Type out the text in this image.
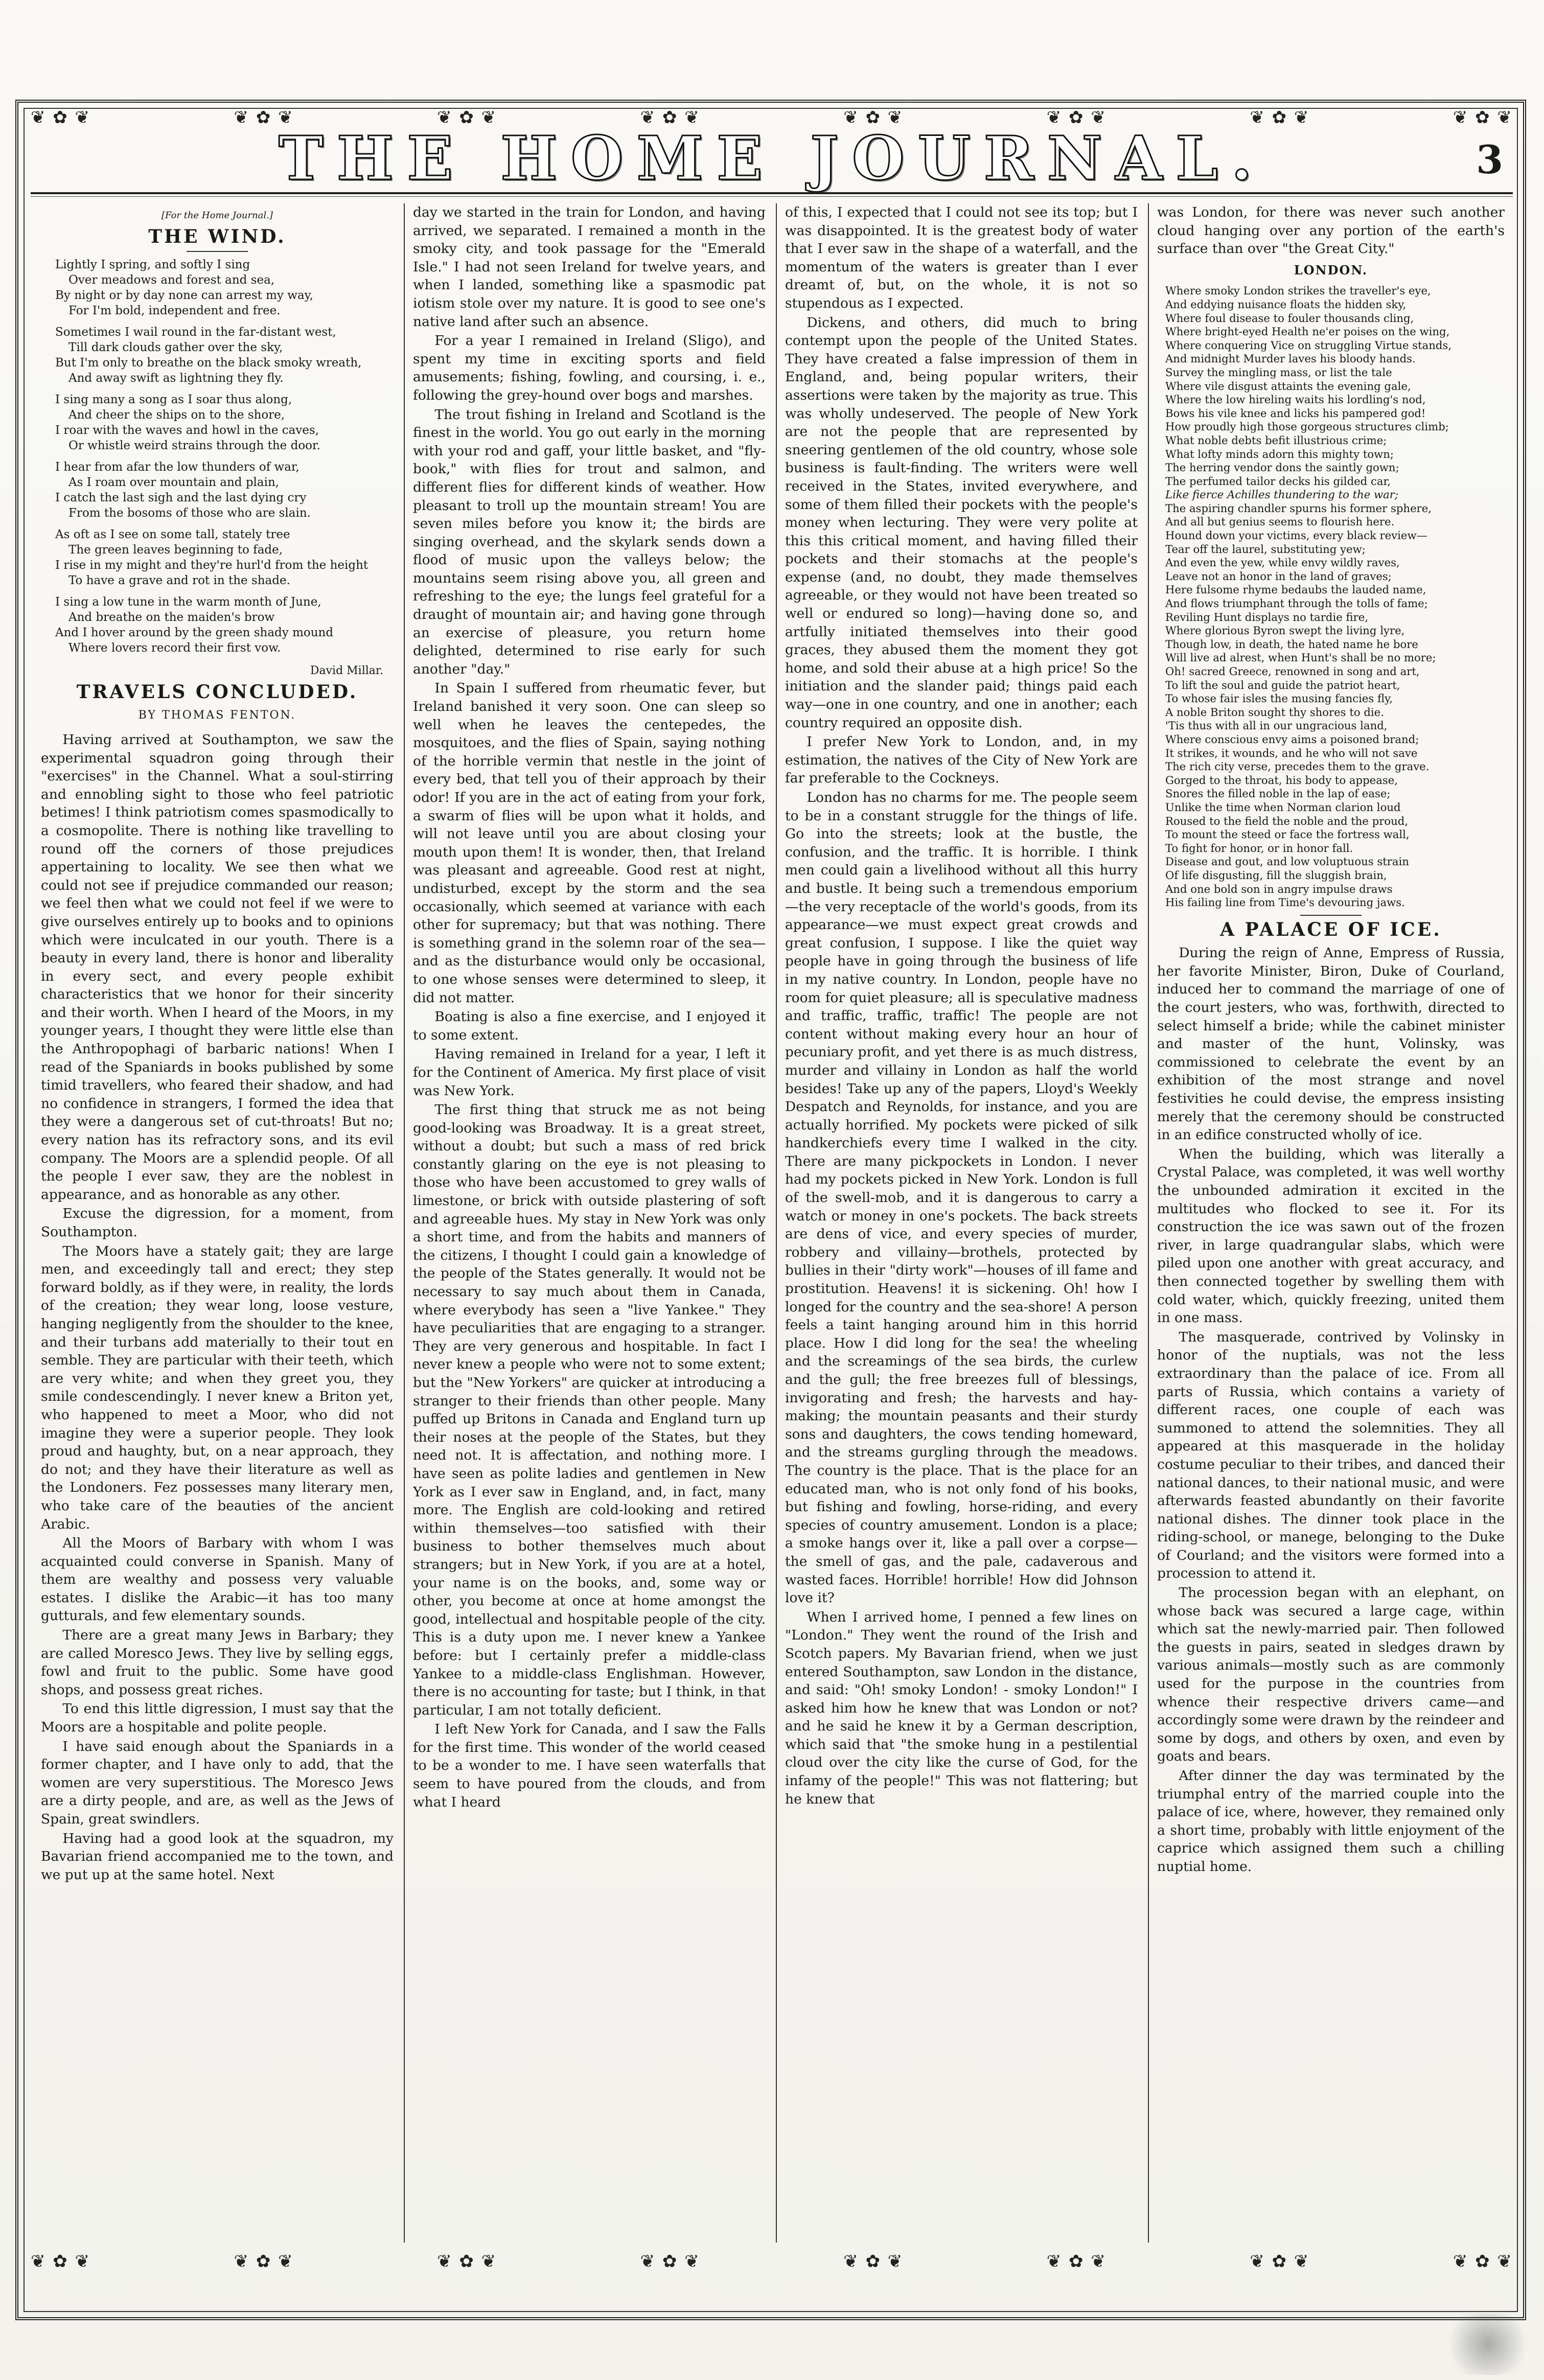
❦ ✿ ❦	❦ ✿ ❦	❦ ✿ ❦	❦ ✿ ❦	❦ ✿ ❦	❦ ✿ ❦	❦ ✿ ❦	❦ ✿ ❦
THE HOME JOURNAL.	3
[For the Home Journal.]
THE WIND.
Lightly I spring, and softly I sing
Over meadows and forest and sea,
By night or by day none can arrest my way,
For I'm bold, independent and free.
Sometimes I wail round in the far-distant west,
Till dark clouds gather over the sky,
But I'm only to breathe on the black smoky wreath,
And away swift as lightning they fly.
I sing many a song as I soar thus along,
And cheer the ships on to the shore,
I roar with the waves and howl in the caves,
Or whistle weird strains through the door.
I hear from afar the low thunders of war,
As I roam over mountain and plain,
I catch the last sigh and the last dying cry
From the bosoms of those who are slain.
As oft as I see on some tall, stately tree
The green leaves beginning to fade,
I rise in my might and they're hurl'd from the height
To have a grave and rot in the shade.
I sing a low tune in the warm month of June,
And breathe on the maiden's brow
And I hover around by the green shady mound
Where lovers record their first vow.
David Millar.
TRAVELS CONCLUDED.
BY THOMAS FENTON.

Having arrived at Southampton, we saw the experimental squadron going through their "exercises" in the Channel. What a soul-stirring and ennobling sight to those who feel patriotic betimes! I think patriotism comes spasmodically to a cosmopolite. There is nothing like travelling to round off the corners of those prejudices appertaining to locality. We see then what we could not see if prejudice commanded our reason; we feel then what we could not feel if we were to give ourselves entirely up to books and to opinions which were inculcated in our youth. There is a beauty in every land, there is honor and liberality in every sect, and every people exhibit characteristics that we honor for their sincerity and their worth. When I heard of the Moors, in my younger years, I thought they were little else than the Anthropophagi of barbaric nations! When I read of the Spaniards in books published by some timid travellers, who feared their shadow, and had no confidence in strangers, I formed the idea that they were a dangerous set of cut-throats! But no; every nation has its refractory sons, and its evil company. The Moors are a splendid people. Of all the people I ever saw, they are the noblest in appearance, and as honorable as any other.

Excuse the digression, for a moment, from Southampton.

The Moors have a stately gait; they are large men, and exceedingly tall and erect; they step forward boldly, as if they were, in reality, the lords of the creation; they wear long, loose vesture, hanging negligently from the shoulder to the knee, and their turbans add materially to their tout en semble. They are particular with their teeth, which are very white; and when they greet you, they smile condescendingly. I never knew a Briton yet, who happened to meet a Moor, who did not imagine they were a superior people. They look proud and haughty, but, on a near approach, they do not; and they have their literature as well as the Londoners. Fez possesses many literary men, who take care of the beauties of the ancient Arabic.

All the Moors of Barbary with whom I was acquainted could converse in Spanish. Many of them are wealthy and possess very valuable estates. I dislike the Arabic—it has too many gutturals, and few elementary sounds.

There are a great many Jews in Barbary; they are called Moresco Jews. They live by selling eggs, fowl and fruit to the public. Some have good shops, and possess great riches.

To end this little digression, I must say that the Moors are a hospitable and polite people.

I have said enough about the Spaniards in a former chapter, and I have only to add, that the women are very superstitious. The Moresco Jews are a dirty people, and are, as well as the Jews of Spain, great swindlers.

Having had a good look at the squadron, my Bavarian friend accompanied me to the town, and we put up at the same hotel. Next

day we started in the train for London, and having arrived, we separated. I remained a month in the smoky city, and took passage for the "Emerald Isle." I had not seen Ireland for twelve years, and when I landed, something like a spasmodic pat iotism stole over my nature. It is good to see one's native land after such an absence.

For a year I remained in Ireland (Sligo), and spent my time in exciting sports and field amusements; fishing, fowling, and coursing, i. e., following the grey-hound over bogs and marshes.

The trout fishing in Ireland and Scotland is the finest in the world. You go out early in the morning with your rod and gaff, your little basket, and "fly-book," with flies for trout and salmon, and different flies for different kinds of weather. How pleasant to troll up the mountain stream! You are seven miles before you know it; the birds are singing overhead, and the skylark sends down a flood of music upon the valleys below; the mountains seem rising above you, all green and refreshing to the eye; the lungs feel grateful for a draught of mountain air; and having gone through an exercise of pleasure, you return home delighted, determined to rise early for such another "day."

In Spain I suffered from rheumatic fever, but Ireland banished it very soon. One can sleep so well when he leaves the centepedes, the mosquitoes, and the flies of Spain, saying nothing of the horrible vermin that nestle in the joint of every bed, that tell you of their approach by their odor! If you are in the act of eating from your fork, a swarm of flies will be upon what it holds, and will not leave until you are about closing your mouth upon them! It is wonder, then, that Ireland was pleasant and agreeable. Good rest at night, undisturbed, except by the storm and the sea occasionally, which seemed at variance with each other for supremacy; but that was nothing. There is something grand in the solemn roar of the sea—and as the disturbance would only be occasional, to one whose senses were determined to sleep, it did not matter.

Boating is also a fine exercise, and I enjoyed it to some extent.

Having remained in Ireland for a year, I left it for the Continent of America. My first place of visit was New York.

The first thing that struck me as not being good-looking was Broadway. It is a great street, without a doubt; but such a mass of red brick constantly glaring on the eye is not pleasing to those who have been accustomed to grey walls of limestone, or brick with outside plastering of soft and agreeable hues. My stay in New York was only a short time, and from the habits and manners of the citizens, I thought I could gain a knowledge of the people of the States generally. It would not be necessary to say much about them in Canada, where everybody has seen a "live Yankee." They have peculiarities that are engaging to a stranger. They are very generous and hospitable. In fact I never knew a people who were not to some extent; but the "New Yorkers" are quicker at introducing a stranger to their friends than other people. Many puffed up Britons in Canada and England turn up their noses at the people of the States, but they need not. It is affectation, and nothing more. I have seen as polite ladies and gentlemen in New York as I ever saw in England, and, in fact, many more. The English are cold-looking and retired within themselves—too satisfied with their business to bother themselves much about strangers; but in New York, if you are at a hotel, your name is on the books, and, some way or other, you become at once at home amongst the good, intellectual and hospitable people of the city. This is a duty upon me. I never knew a Yankee before: but I certainly prefer a middle-class Yankee to a middle-class Englishman. However, there is no accounting for taste; but I think, in that particular, I am not totally deficient.

I left New York for Canada, and I saw the Falls for the first time. This wonder of the world ceased to be a wonder to me. I have seen waterfalls that seem to have poured from the clouds, and from what I heard

of this, I expected that I could not see its top; but I was disappointed. It is the greatest body of water that I ever saw in the shape of a waterfall, and the momentum of the waters is greater than I ever dreamt of, but, on the whole, it is not so stupendous as I expected.

Dickens, and others, did much to bring contempt upon the people of the United States. They have created a false impression of them in England, and, being popular writers, their assertions were taken by the majority as true. This was wholly undeserved. The people of New York are not the people that are represented by sneering gentlemen of the old country, whose sole business is fault-finding. The writers were well received in the States, invited everywhere, and some of them filled their pockets with the people's money when lecturing. They were very polite at this this critical moment, and having filled their pockets and their stomachs at the people's expense (and, no doubt, they made themselves agreeable, or they would not have been treated so well or endured so long)—having done so, and artfully initiated themselves into their good graces, they abused them the moment they got home, and sold their abuse at a high price! So the initiation and the slander paid; things paid each way—one in one country, and one in another; each country required an opposite dish.

I prefer New York to London, and, in my estimation, the natives of the City of New York are far preferable to the Cockneys.

London has no charms for me. The people seem to be in a constant struggle for the things of life. Go into the streets; look at the bustle, the confusion, and the traffic. It is horrible. I think men could gain a livelihood without all this hurry and bustle. It being such a tremendous emporium—the very receptacle of the world's goods, from its appearance—we must expect great crowds and great confusion, I suppose. I like the quiet way people have in going through the business of life in my native country. In London, people have no room for quiet pleasure; all is speculative madness and traffic, traffic, traffic! The people are not content without making every hour an hour of pecuniary profit, and yet there is as much distress, murder and villainy in London as half the world besides! Take up any of the papers, Lloyd's Weekly Despatch and Reynolds, for instance, and you are actually horrified. My pockets were picked of silk handkerchiefs every time I walked in the city. There are many pickpockets in London. I never had my pockets picked in New York. London is full of the swell-mob, and it is dangerous to carry a watch or money in one's pockets. The back streets are dens of vice, and every species of murder, robbery and villainy—brothels, protected by bullies in their "dirty work"—houses of ill fame and prostitution. Heavens! it is sickening. Oh! how I longed for the country and the sea-shore! A person feels a taint hanging around him in this horrid place. How I did long for the sea! the wheeling and the screamings of the sea birds, the curlew and the gull; the free breezes full of blessings, invigorating and fresh; the harvests and hay-making; the mountain peasants and their sturdy sons and daughters, the cows tending homeward, and the streams gurgling through the meadows. The country is the place. That is the place for an educated man, who is not only fond of his books, but fishing and fowling, horse-riding, and every species of country amusement. London is a place; a smoke hangs over it, like a pall over a corpse—the smell of gas, and the pale, cadaverous and wasted faces. Horrible! horrible! How did Johnson love it?

When I arrived home, I penned a few lines on "London." They went the round of the Irish and Scotch papers. My Bavarian friend, when we just entered Southampton, saw London in the distance, and said: "Oh! smoky London! - smoky London!" I asked him how he knew that was London or not? and he said he knew it by a German description, which said that "the smoke hung in a pestilential cloud over the city like the curse of God, for the infamy of the people!" This was not flattering; but he knew that

was London, for there was never such another cloud hanging over any portion of the earth's surface than over "the Great City."

LONDON.
Where smoky London strikes the traveller's eye,
And eddying nuisance floats the hidden sky,
Where foul disease to fouler thousands cling,
Where bright-eyed Health ne'er poises on the wing,
Where conquering Vice on struggling Virtue stands,
And midnight Murder laves his bloody hands.
Survey the mingling mass, or list the tale
Where vile disgust attaints the evening gale,
Where the low hireling waits his lordling's nod,
Bows his vile knee and licks his pampered god!
How proudly high those gorgeous structures climb;
What noble debts befit illustrious crime;
What lofty minds adorn this mighty town;
The herring vendor dons the saintly gown;
The perfumed tailor decks his gilded car,
Like fierce Achilles thundering to the war;
The aspiring chandler spurns his former sphere,
And all but genius seems to flourish here.
Hound down your victims, every black review—
Tear off the laurel, substituting yew;
And even the yew, while envy wildly raves,
Leave not an honor in the land of graves;
Here fulsome rhyme bedaubs the lauded name,
And flows triumphant through the tolls of fame;
Reviling Hunt displays no tardie fire,
Where glorious Byron swept the living lyre,
Though low, in death, the hated name he bore
Will live ad alrest, when Hunt's shall be no more;
Oh! sacred Greece, renowned in song and art,
To lift the soul and guide the patriot heart,
To whose fair isles the musing fancies fly,
A noble Briton sought thy shores to die.
'Tis thus with all in our ungracious land,
Where conscious envy aims a poisoned brand;
It strikes, it wounds, and he who will not save
The rich city verse, precedes them to the grave.
Gorged to the throat, his body to appease,
Snores the filled noble in the lap of ease;
Unlike the time when Norman clarion loud
Roused to the field the noble and the proud,
To mount the steed or face the fortress wall,
To fight for honor, or in honor fall.
Disease and gout, and low voluptuous strain
Of life disgusting, fill the sluggish brain,
And one bold son in angry impulse draws
His failing line from Time's devouring jaws.
A PALACE OF ICE.

During the reign of Anne, Empress of Russia, her favorite Minister, Biron, Duke of Courland, induced her to command the marriage of one of the court jesters, who was, forthwith, directed to select himself a bride; while the cabinet minister and master of the hunt, Volinsky, was commissioned to celebrate the event by an exhibition of the most strange and novel festivities he could devise, the empress insisting merely that the ceremony should be constructed in an edifice constructed wholly of ice.

When the building, which was literally a Crystal Palace, was completed, it was well worthy the unbounded admiration it excited in the multitudes who flocked to see it. For its construction the ice was sawn out of the frozen river, in large quadrangular slabs, which were piled upon one another with great accuracy, and then connected together by swelling them with cold water, which, quickly freezing, united them in one mass.

The masquerade, contrived by Volinsky in honor of the nuptials, was not the less extraordinary than the palace of ice. From all parts of Russia, which contains a variety of different races, one couple of each was summoned to attend the solemnities. They all appeared at this masquerade in the holiday costume peculiar to their tribes, and danced their national dances, to their national music, and were afterwards feasted abundantly on their favorite national dishes. The dinner took place in the riding-school, or manege, belonging to the Duke of Courland; and the visitors were formed into a procession to attend it.

The procession began with an elephant, on whose back was secured a large cage, within which sat the newly-married pair. Then followed the guests in pairs, seated in sledges drawn by various animals—mostly such as are commonly used for the purpose in the countries from whence their respective drivers came—and accordingly some were drawn by the reindeer and some by dogs, and others by oxen, and even by goats and bears.

After dinner the day was terminated by the triumphal entry of the married couple into the palace of ice, where, however, they remained only a short time, probably with little enjoyment of the caprice which assigned them such a chilling nuptial home.

❦ ✿ ❦	❦ ✿ ❦	❦ ✿ ❦	❦ ✿ ❦	❦ ✿ ❦	❦ ✿ ❦	❦ ✿ ❦	❦ ✿ ❦
